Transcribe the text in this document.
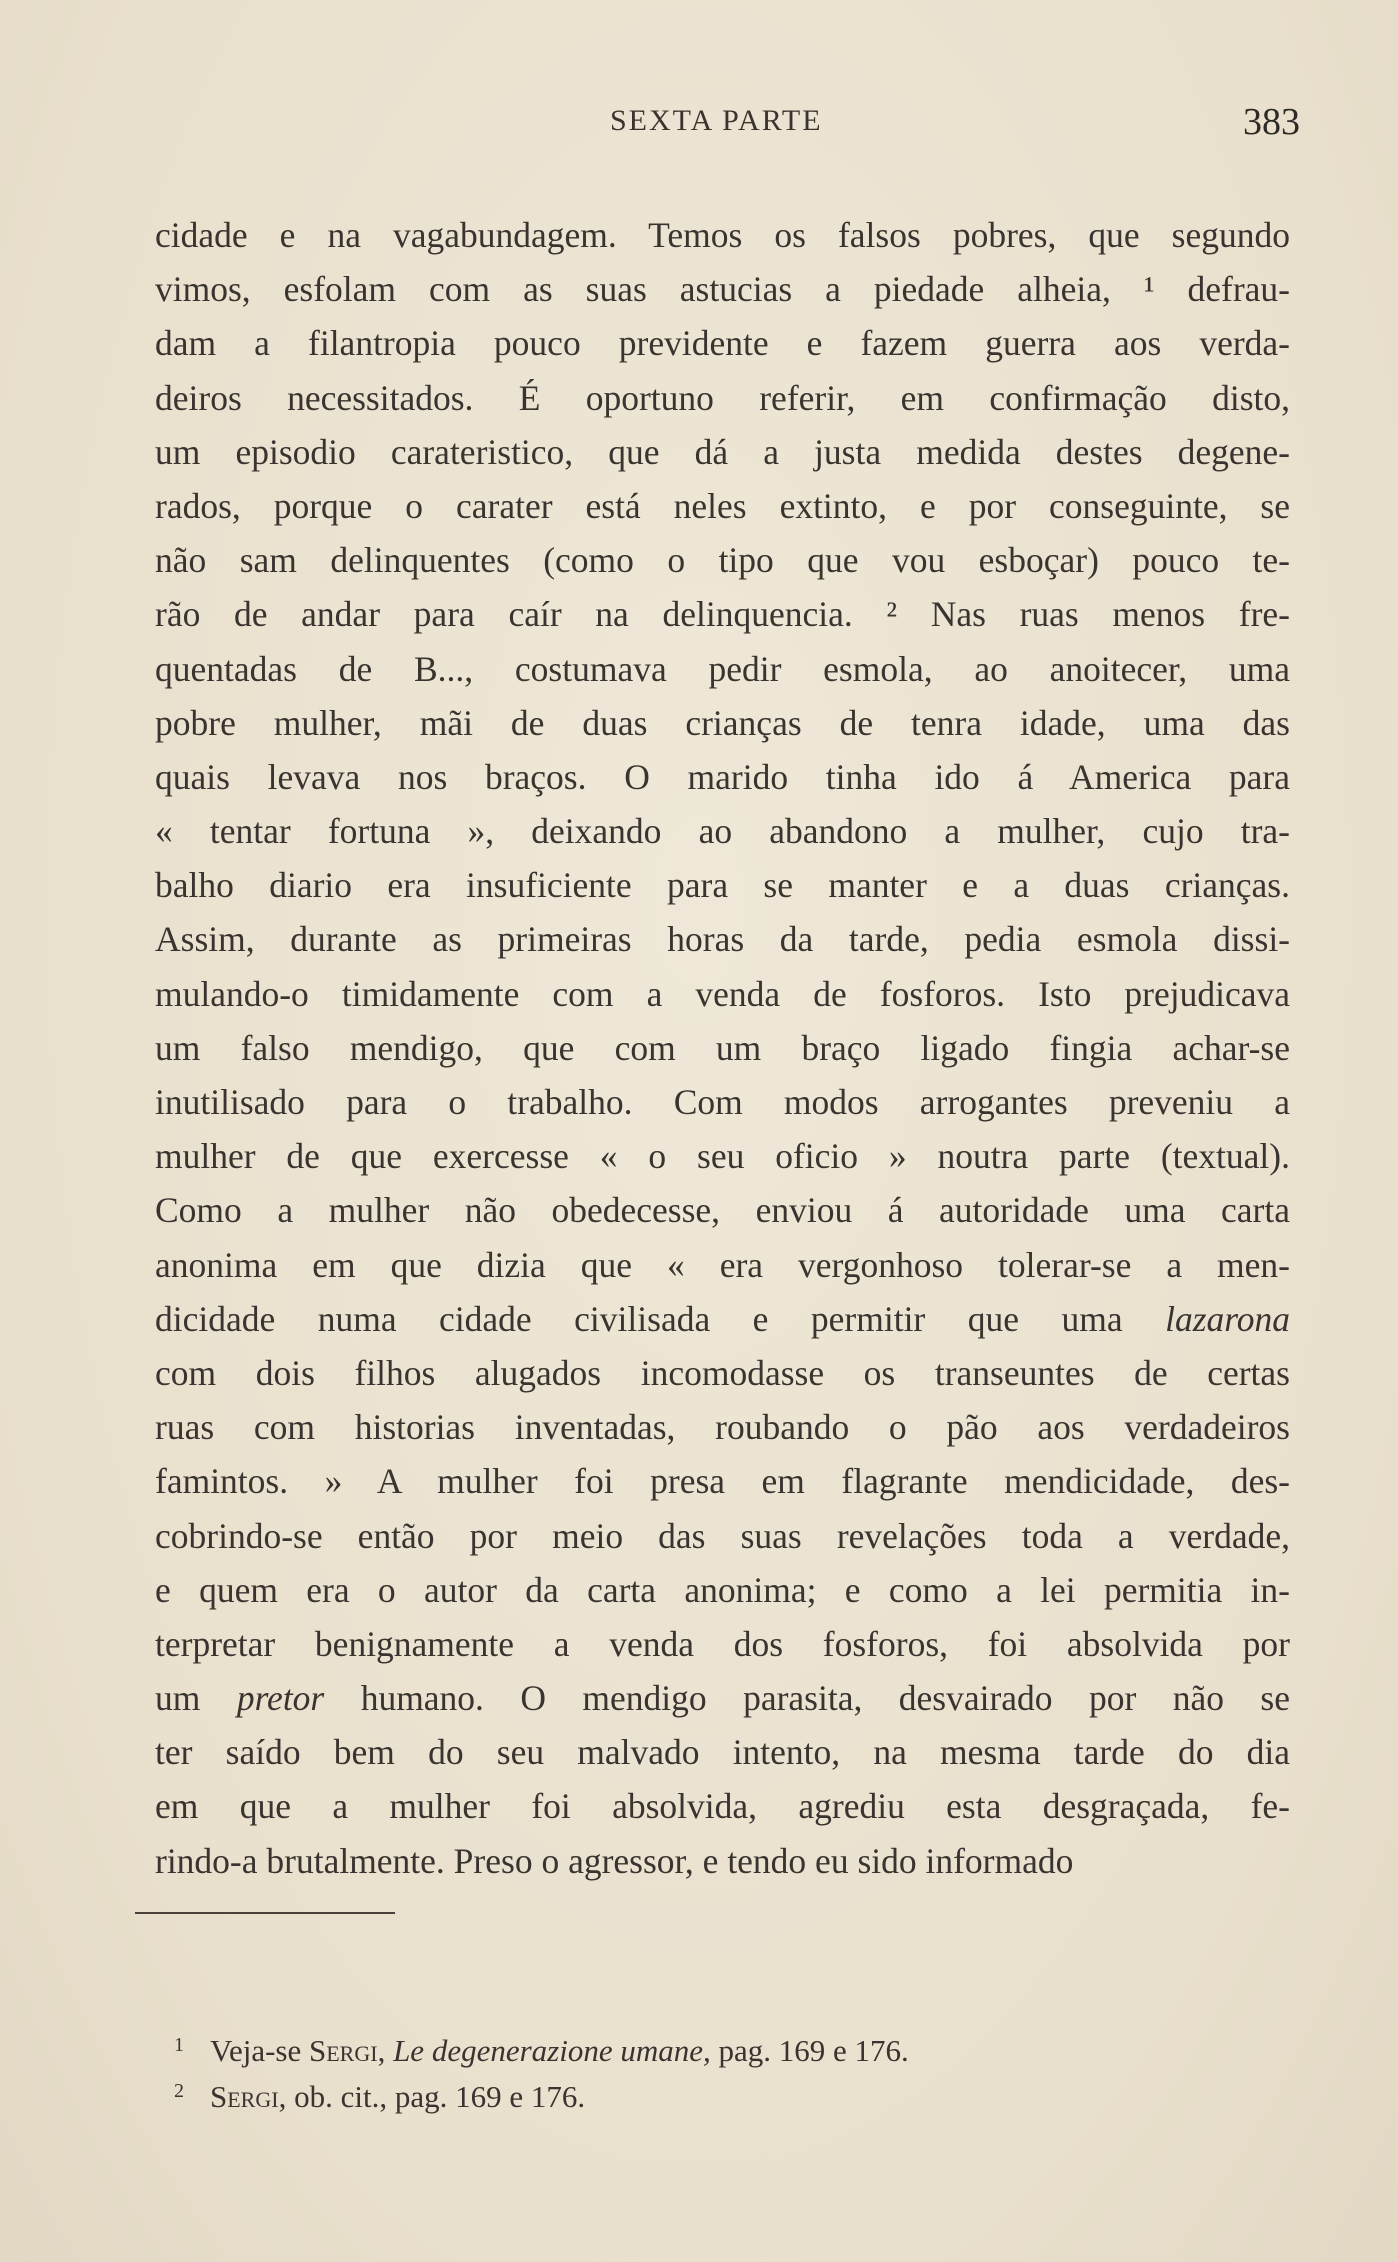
SEXTA PARTE	383
cidade e na vagabundagem. Temos os falsos pobres, que segundo
vimos, esfolam com as suas astucias a piedade alheia, ¹ defrau-
dam a filantropia pouco previdente e fazem guerra aos verda-
deiros necessitados. É oportuno referir, em confirmação disto,
um episodio carateristico, que dá a justa medida destes degene-
rados, porque o carater está neles extinto, e por conseguinte, se
não sam delinquentes (como o tipo que vou esboçar) pouco te-
rão de andar para caír na delinquencia. ² Nas ruas menos fre-
quentadas de B..., costumava pedir esmola, ao anoitecer, uma
pobre mulher, mãi de duas crianças de tenra idade, uma das
quais levava nos braços. O marido tinha ido á America para
« tentar fortuna », deixando ao abandono a mulher, cujo tra-
balho diario era insuficiente para se manter e a duas crianças.
Assim, durante as primeiras horas da tarde, pedia esmola dissi-
mulando-o timidamente com a venda de fosforos. Isto prejudicava
um falso mendigo, que com um braço ligado fingia achar-se
inutilisado para o trabalho. Com modos arrogantes preveniu a
mulher de que exercesse « o seu oficio » noutra parte (textual).
Como a mulher não obedecesse, enviou á autoridade uma carta
anonima em que dizia que « era vergonhoso tolerar-se a men-
dicidade numa cidade civilisada e permitir que uma lazarona
com dois filhos alugados incomodasse os transeuntes de certas
ruas com historias inventadas, roubando o pão aos verdadeiros
famintos. » A mulher foi presa em flagrante mendicidade, des-
cobrindo-se então por meio das suas revelações toda a verdade,
e quem era o autor da carta anonima; e como a lei permitia in-
terpretar benignamente a venda dos fosforos, foi absolvida por
um pretor humano. O mendigo parasita, desvairado por não se
ter saído bem do seu malvado intento, na mesma tarde do dia
em que a mulher foi absolvida, agrediu esta desgraçada, fe-
rindo-a brutalmente. Preso o agressor, e tendo eu sido informado
1 Veja-se Sergi, Le degenerazione umane, pag. 169 e 176.
2 Sergi, ob. cit., pag. 169 e 176.
